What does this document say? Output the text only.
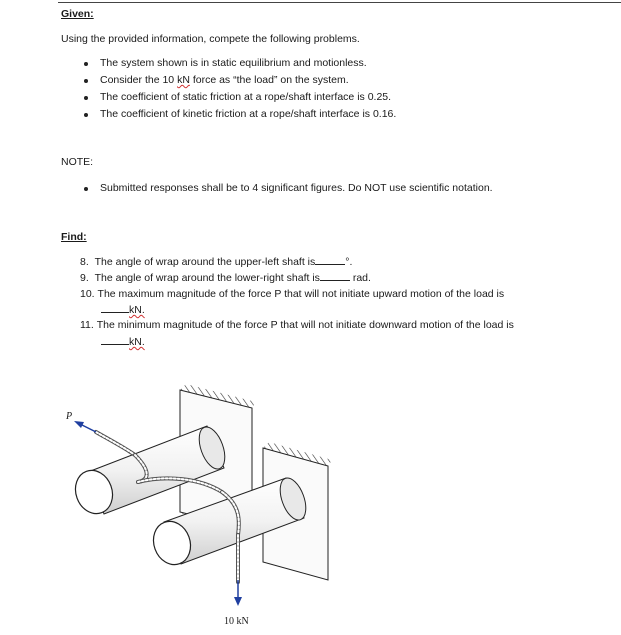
Given:
Using the provided information, compete the following problems.
The system shown is in static equilibrium and motionless.
Consider the 10 kN force as “the load” on the system.
The coefficient of static friction at a rope/shaft interface is 0.25.
The coefficient of kinetic friction at a rope/shaft interface is 0.16.
NOTE:
Submitted responses shall be to 4 significant figures. Do NOT use scientific notation.
Find:
8. The angle of wrap around the upper-left shaft is	°.
9. The angle of wrap around the lower-right shaft is	rad.
10. The maximum magnitude of the force P that will not initiate upward motion of the load is
kN.
11. The minimum magnitude of the force P that will not initiate downward motion of the load is
kN.
P
10 kN
